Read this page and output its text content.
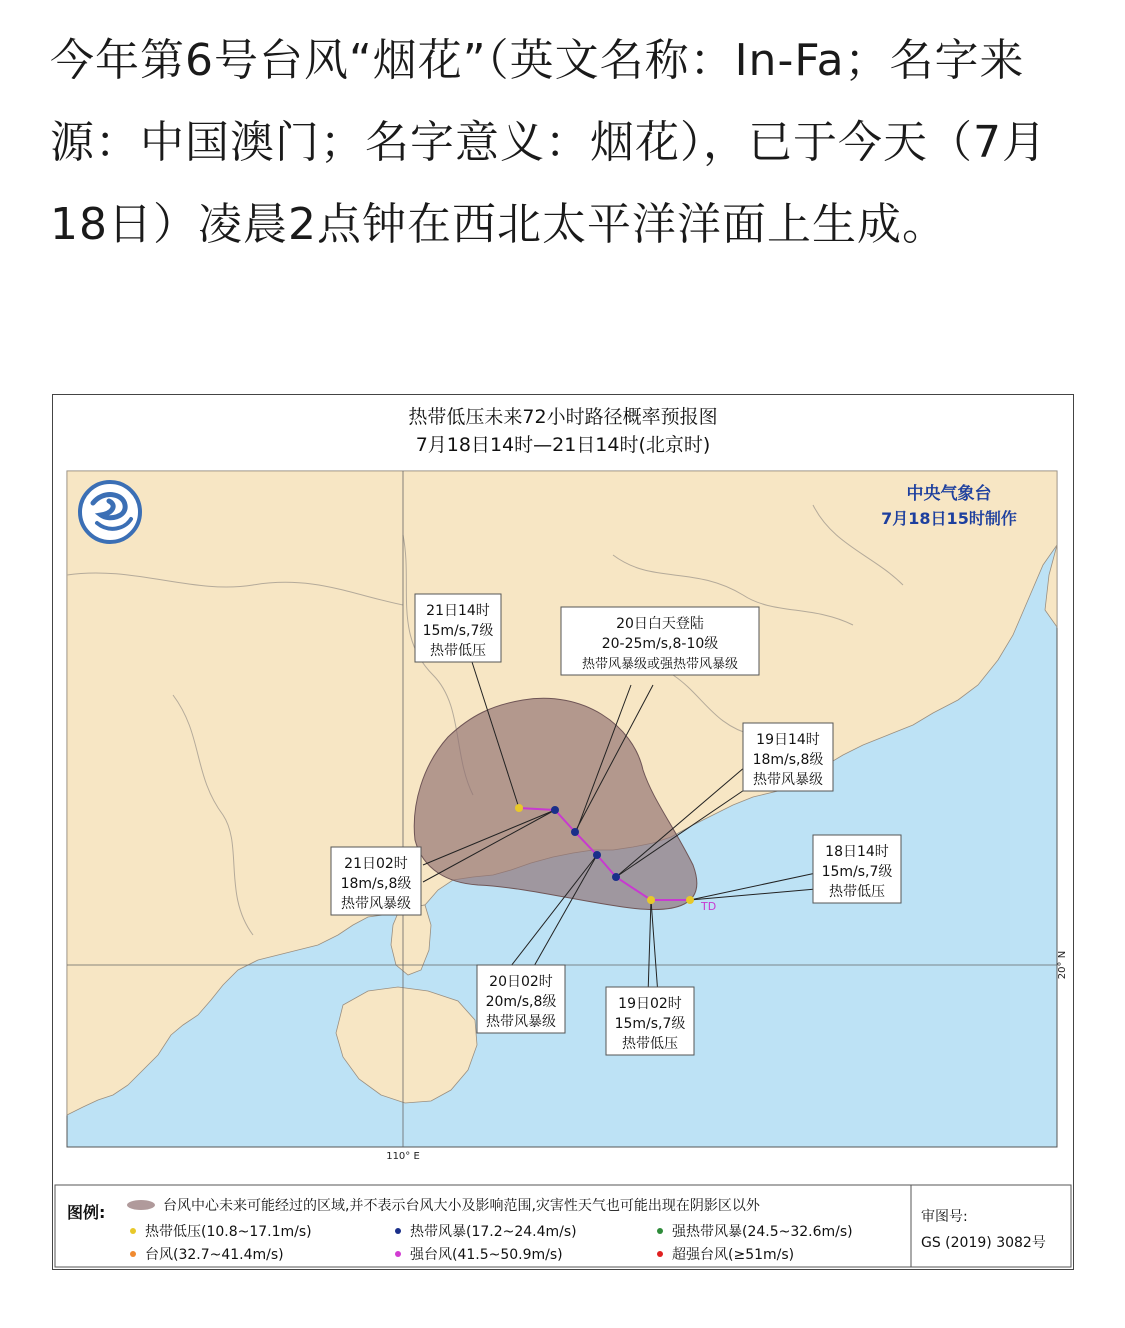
今年第6号台风“烟花”（英文名称：In-Fa；名字来源：中国澳门；名字意义：烟花），已于今天（7月18日）凌晨2点钟在西北太平洋洋面上生成。
热带低压未来72小时路径概率预报图
7月18日14时—21日14时(北京时)
110° E
20° N
中央气象台
7月18日15时制作
TD
21日14时
15m/s,7级
热带低压
20日白天登陆
20-25m/s,8-10级
热带风暴级或强热带风暴级
19日14时
18m/s,8级
热带风暴级
18日14时
15m/s,7级
热带低压
21日02时
18m/s,8级
热带风暴级
20日02时
20m/s,8级
热带风暴级
19日02时
15m/s,7级
热带低压
图例:	台风中心未来可能经过的区域,并不表示台风大小及影响范围,灾害性天气也可能出现在阴影区以外
热带低压(10.8~17.1m/s)	热带风暴(17.2~24.4m/s)	强热带风暴(24.5~32.6m/s)
台风(32.7~41.4m/s)	强台风(41.5~50.9m/s)	超强台风(≥51m/s)
审图号:
GS (2019) 3082号
